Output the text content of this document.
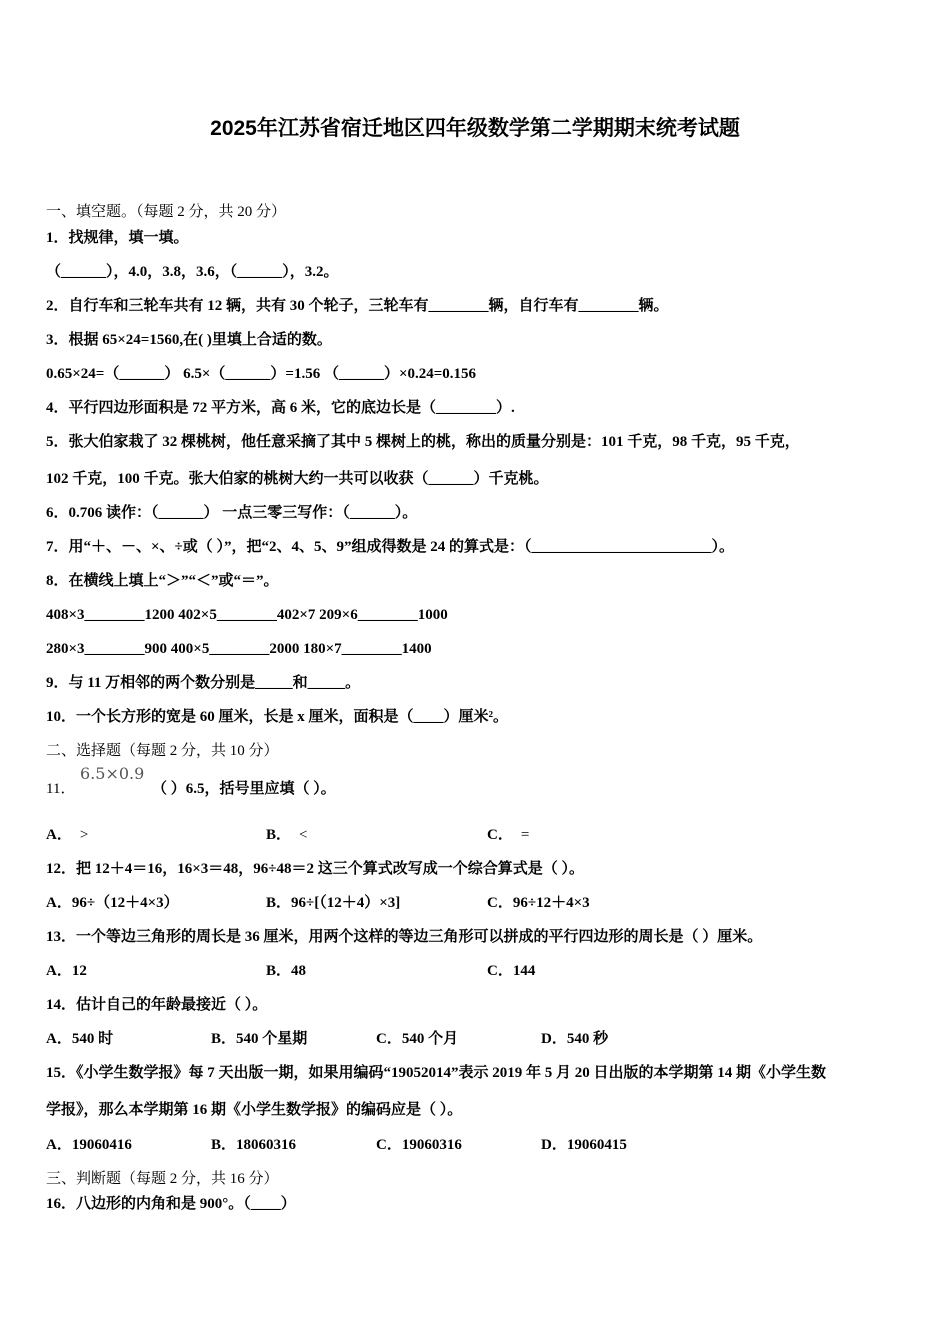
2025年江苏省宿迁地区四年级数学第二学期期末统考试题
一、填空题。（每题 2 分，共 20 分）
1．找规律，填一填。
（______），4.0，3.8，3.6，（______），3.2。
2．自行车和三轮车共有 12 辆，共有 30 个轮子，三轮车有________辆，自行车有________辆。
3．根据 65×24=1560,在( )里填上合适的数。
0.65×24=（______） 6.5×（______）=1.56 （______）×0.24=0.156
4．平行四边形面积是 72 平方米，高 6 米，它的底边长是（________）.
5．张大伯家栽了 32 棵桃树，他任意采摘了其中 5 棵树上的桃，称出的质量分别是：101 千克，98 千克，95 千克，
102 千克，100 千克。张大伯家的桃树大约一共可以收获（______）千克桃。
6．0.706 读作：（______） 一点三零三写作：（______）。
7．用“＋、－、×、÷或（ ）”，把“2、4、5、9”组成得数是 24 的算式是：（________________________）。
8．在横线上填上“＞”“＜”或“＝”。
408×3________1200 402×5________402×7 209×6________1000
280×3________900 400×5________2000 180×7________1400
9．与 11 万相邻的两个数分别是_____和_____。
10．一个长方形的宽是 60 厘米，长是 x 厘米，面积是（____）厘米²。
二、选择题（每题 2 分，共 10 分）
6.5×0.9
11．	（ ）6.5，括号里应填（ ）。
A． >	B． <	C． =
12．把 12＋4＝16，16×3＝48，96÷48＝2 这三个算式改写成一个综合算式是（ ）。
A．96÷（12＋4×3）	B．96÷[（12＋4）×3]	C．96÷12＋4×3
13．一个等边三角形的周长是 36 厘米，用两个这样的等边三角形可以拼成的平行四边形的周长是（ ）厘米。
A．12	B．48	C．144
14．估计自己的年龄最接近（ ）。
A．540 时	B．540 个星期	C．540 个月	D．540 秒
15．《小学生数学报》每 7 天出版一期，如果用编码“19052014”表示 2019 年 5 月 20 日出版的本学期第 14 期《小学生数
学报》，那么本学期第 16 期《小学生数学报》的编码应是（ ）。
A．19060416	B．18060316	C．19060316	D．19060415
三、判断题（每题 2 分，共 16 分）
16．八边形的内角和是 900°。（____）
